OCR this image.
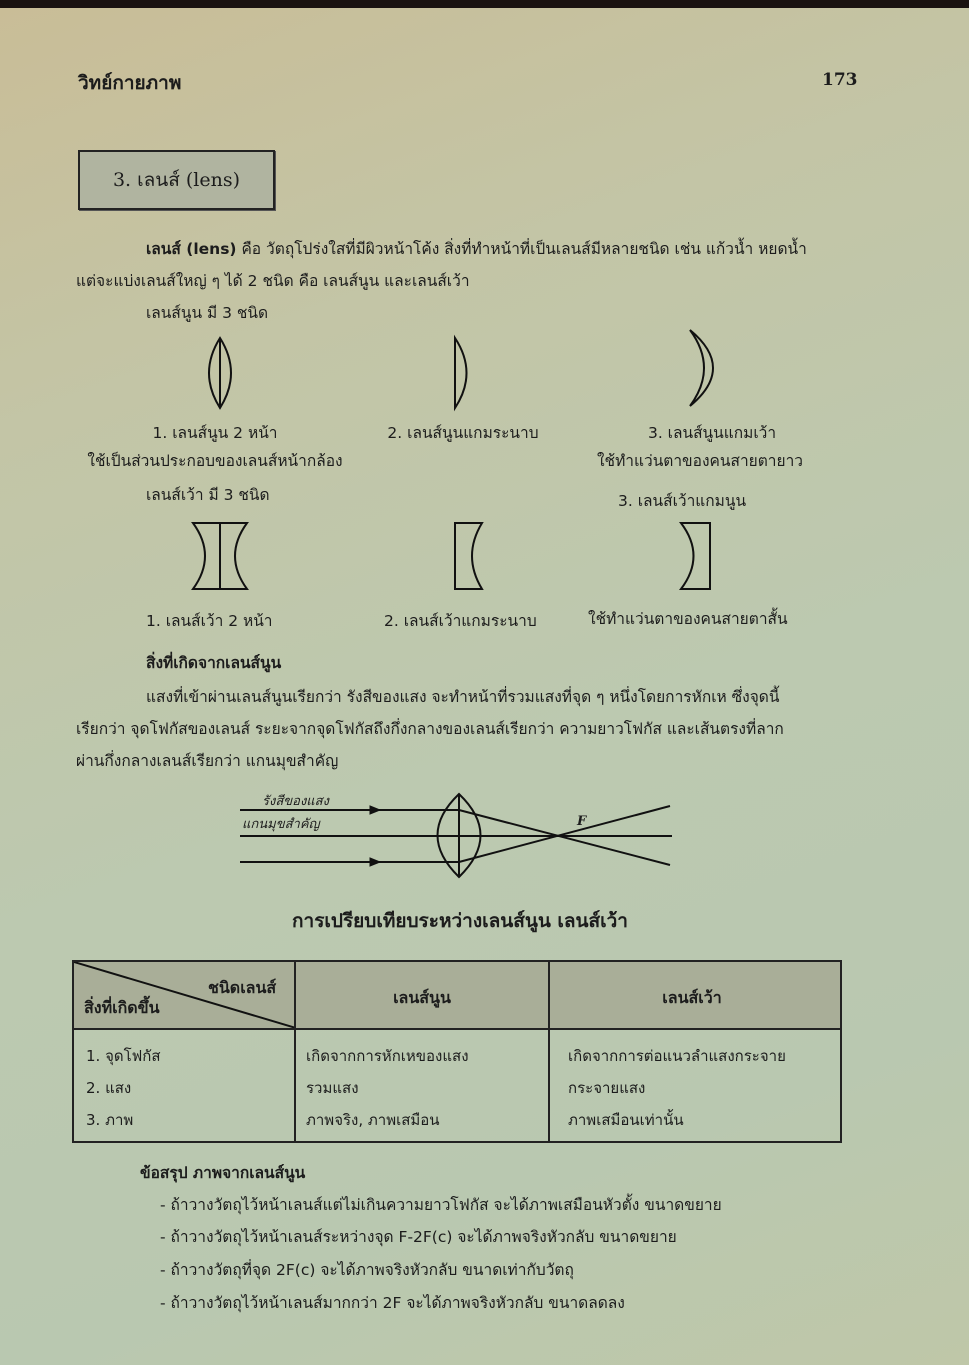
วิทย์กายภาพ	173
3. เลนส์ (lens)
เลนส์ (lens) คือ วัตถุโปร่งใสที่มีผิวหน้าโค้ง สิ่งที่ทำหน้าที่เป็นเลนส์มีหลายชนิด เช่น แก้วน้ำ หยดน้ำ
แต่จะแบ่งเลนส์ใหญ่ ๆ ได้ 2 ชนิด คือ เลนส์นูน และเลนส์เว้า
เลนส์นูน มี 3 ชนิด
1. เลนส์นูน 2 หน้า
ใช้เป็นส่วนประกอบของเลนส์หน้ากล้อง
2. เลนส์นูนแกมระนาบ	3. เลนส์นูนแกมเว้า
ใช้ทำแว่นตาของคนสายตายาว
เลนส์เว้า มี 3 ชนิด	3. เลนส์เว้าแกมนูน
1. เลนส์เว้า 2 หน้า	2. เลนส์เว้าแกมระนาบ	ใช้ทำแว่นตาของคนสายตาสั้น
สิ่งที่เกิดจากเลนส์นูน
แสงที่เข้าผ่านเลนส์นูนเรียกว่า รังสีของแสง จะทำหน้าที่รวมแสงที่จุด ๆ หนึ่งโดยการหักเห ซึ่งจุดนี้
เรียกว่า จุดโฟกัสของเลนส์ ระยะจากจุดโฟกัสถึงกึ่งกลางของเลนส์เรียกว่า ความยาวโฟกัส และเส้นตรงที่ลาก
ผ่านกึ่งกลางเลนส์เรียกว่า แกนมุขสำคัญ
รังสีของแสง
แกนมุขสำคัญ	F
การเปรียบเทียบระหว่างเลนส์นูน เลนส์เว้า
ชนิดเลนส์
สิ่งที่เกิดขึ้น
เลนส์นูน	เลนส์เว้า
1. จุดโฟกัส	เกิดจากการหักเหของแสง	เกิดจากการต่อแนวลำแสงกระจาย
2. แสง	รวมแสง	กระจายแสง
3. ภาพ	ภาพจริง, ภาพเสมือน	ภาพเสมือนเท่านั้น
ข้อสรุป ภาพจากเลนส์นูน
- ถ้าวางวัตถุไว้หน้าเลนส์แต่ไม่เกินความยาวโฟกัส จะได้ภาพเสมือนหัวตั้ง ขนาดขยาย
- ถ้าวางวัตถุไว้หน้าเลนส์ระหว่างจุด F-2F(c) จะได้ภาพจริงหัวกลับ ขนาดขยาย
- ถ้าวางวัตถุที่จุด 2F(c) จะได้ภาพจริงหัวกลับ ขนาดเท่ากับวัตถุ
- ถ้าวางวัตถุไว้หน้าเลนส์มากกว่า 2F จะได้ภาพจริงหัวกลับ ขนาดลดลง
